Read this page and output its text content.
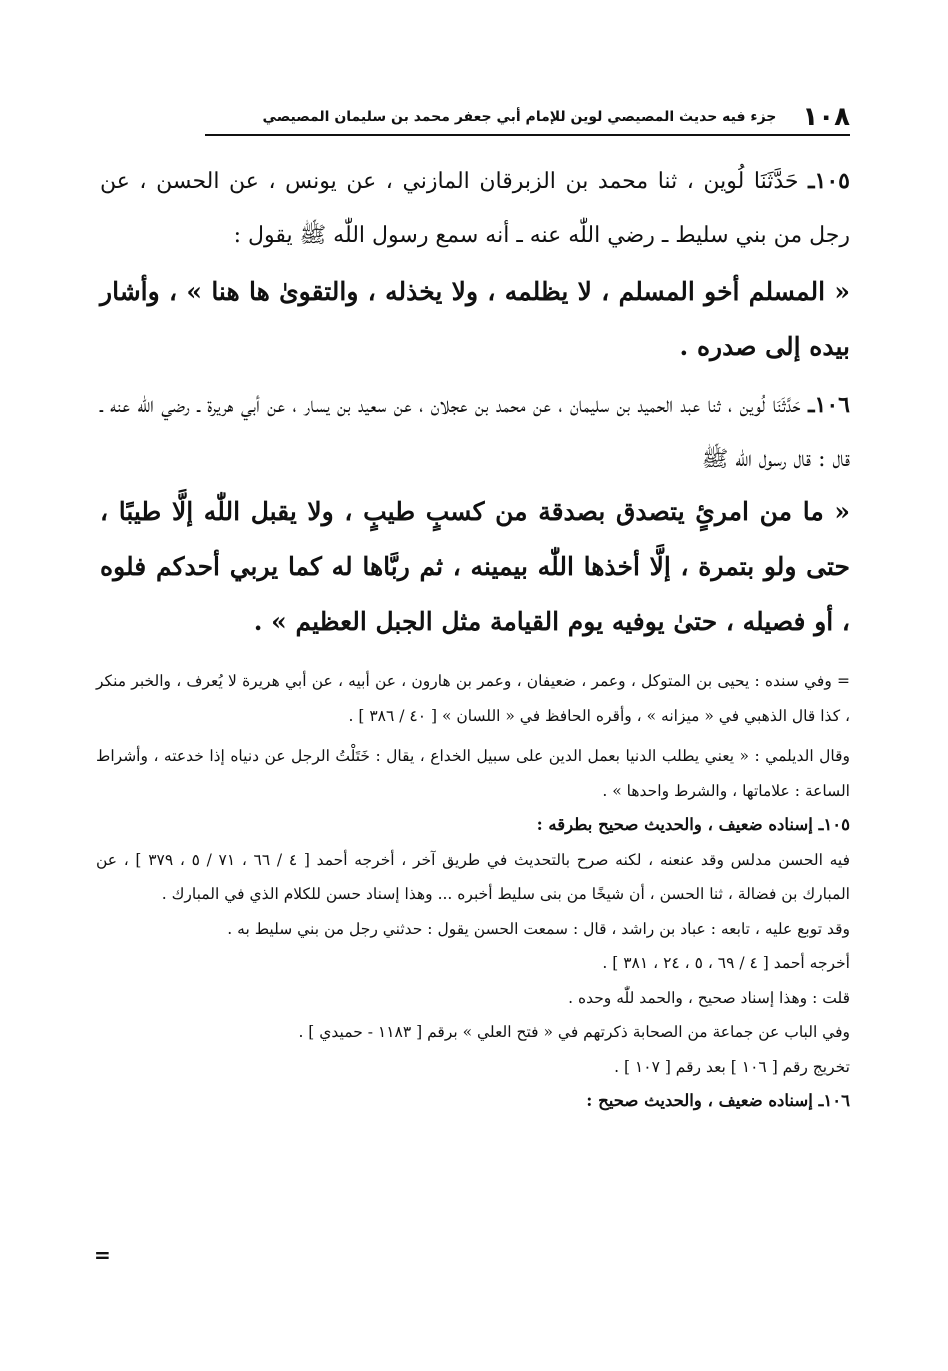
١٠٨
جزء فيه حديث المصيصي لوين للإمام أبي جعفر محمد بن سليمان المصيصي
١٠٥ـ حَدَّثَنَا لُوين ، ثنا محمد بن الزبرقان المازني ، عن يونس ، عن الحسن ، عن رجل من بني سليط ـ رضي اللّٰه عنه ـ أنه سمع رسول اللّٰه ﷺ يقول :
« المسلم أخو المسلم ، لا يظلمه ، ولا يخذله ، والتقوىٰ ها هنا » ، وأشار بيده إلى صدره .
١٠٦ـ حَدَّثَنَا لُوين ، ثنا عبد الحميد بن سليمان ، عن محمد بن عجلان ، عن سعيد بن يسار ، عن أبي هريرة ـ رضي اللّٰه عنه ـ قال : قال رسول اللّٰه ﷺ
« ما من امرئٍ يتصدق بصدقة من كسبٍ طيبٍ ، ولا يقبل اللّٰه إلَّا طيبًا ، حتى ولو بتمرة ، إلَّا أخذها اللّٰه بيمينه ، ثم ربَّاها له كما يربي أحدكم فلوه ، أو فصيله ، حتىٰ يوفيه يوم القيامة مثل الجبل العظيم » .

= وفي سنده : يحيى بن المتوكل ، وعمر ، ضعيفان ، وعمر بن هارون ، عن أبيه ، عن أبي هريرة لا يُعرف ، والخبر منكر ، كذا قال الذهبي في « ميزانه » ، وأقره الحافظ في « اللسان » [ ٤٠ / ٣٨٦ ] .

وقال الديلمي : « يعني يطلب الدنيا بعمل الدين على سبيل الخداع ، يقال : خَتَلْتُ الرجل عن دنياه إذا خدعته ، وأشراط الساعة : علاماتها ، والشرط واحدها » .

١٠٥ـ إسناده ضعيف ، والحديث صحيح بطرقه :

فيه الحسن مدلس وقد عنعنه ، لكنه صرح بالتحديث في طريق آخر ، أخرجه أحمد [ ٤ / ٦٦ ، ٧١ / ٥ ، ٣٧٩ ] ، عن المبارك بن فضالة ، ثنا الحسن ، أن شيخًا من بنى سليط أخبره ... وهذا إسناد حسن للكلام الذي في المبارك .

وقد توبع عليه ، تابعه : عباد بن راشد ، قال : سمعت الحسن يقول : حدثني رجل من بني سليط به .

أخرجه أحمد [ ٤ / ٦٩ ، ٥ ، ٢٤ ، ٣٨١ ] .

قلت : وهذا إسناد صحيح ، والحمد للّٰه وحده .

وفي الباب عن جماعة من الصحابة ذكرتهم في « فتح العلي » برقم [ ١١٨٣ - حميدي ] .

تخريج رقم [ ١٠٦ ] بعد رقم [ ١٠٧ ] .

١٠٦ـ إسناده ضعيف ، والحديث صحيح :

=
